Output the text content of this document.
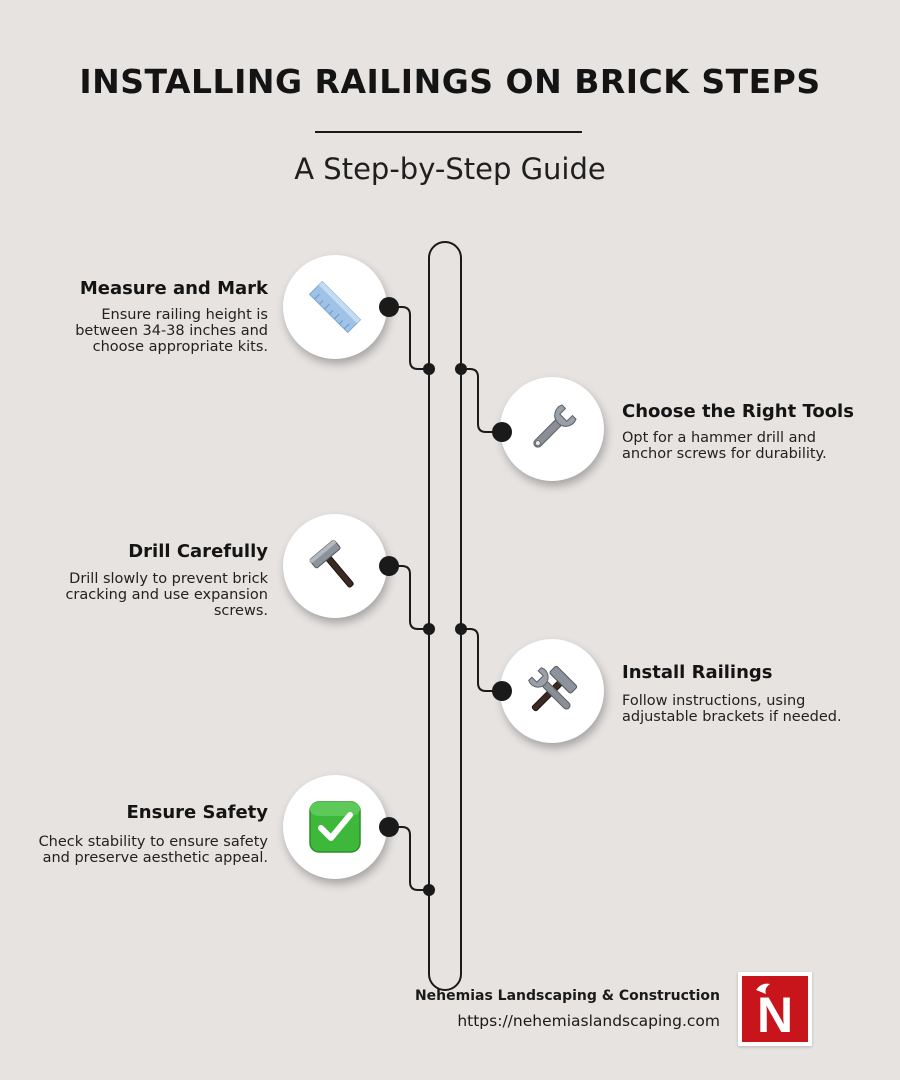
INSTALLING RAILINGS ON BRICK STEPS
A Step-by-Step Guide
Measure and Mark
Ensure railing height is between 34-38 inches and choose appropriate kits.
Choose the Right Tools
Opt for a hammer drill and anchor screws for durability.
Drill Carefully
Drill slowly to prevent brick cracking and use expansion screws.
Install Railings
Follow instructions, using adjustable brackets if needed.
Ensure Safety
Check stability to ensure safety and preserve aesthetic appeal.
Nehemias Landscaping & Construction
https://nehemiaslandscaping.com N
